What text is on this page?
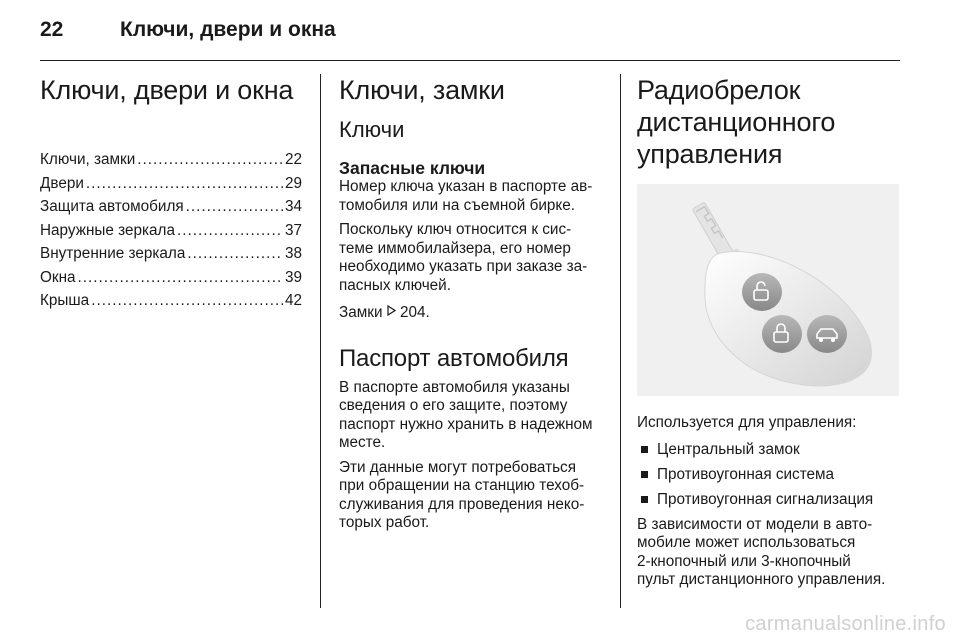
22	Ключи, двери и окна
Ключи, двери и окна
Ключи, замки .....	22
Двери .....	29
Защита автомобиля .....	34
Наружные зеркала .....	37
Внутренние зеркала .....	38
Окна .....	39
Крыша .....	42
Ключи, замки
Ключи
Запасные ключи

Номер ключа указан в паспорте ав-
томобиля или на съемной бирке.

Поскольку ключ относится к сис-
теме иммобилайзера, его номер
необходимо указать при заказе за-
пасных ключей.

Замки 204.

Паспорт автомобиля

В паспорте автомобиля указаны
сведения о его защите, поэтому
паспорт нужно хранить в надежном
месте.

Эти данные могут потребоваться
при обращении на станцию техоб-
служивания для проведения неко-
торых работ.

Радиобрелок
дистанционного
управления

Используется для управления:

Центральный замок
Противоугонная система
Противоугонная сигнализация

В зависимости от модели в авто-
мобиле может использоваться
2-кнопочный или 3-кнопочный
пульт дистанционного управления.

carmanualsonline.info
